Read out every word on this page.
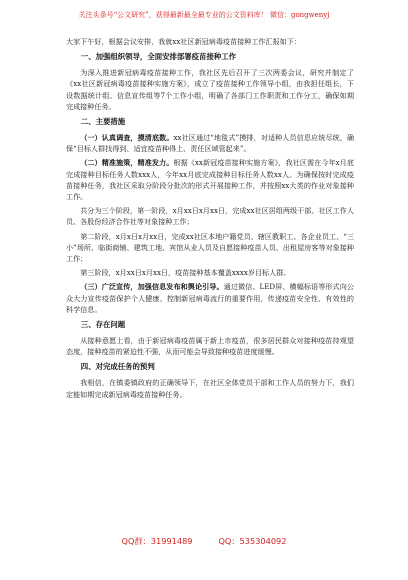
关注头条号“公文研究”，获得最新最全最专业的公文资料库！ 微信：gongwenyj

大家下午好，根据会议安排，我就xx社区新冠病毒疫苗接种工作汇报如下：

一、加强组织领导，全面安排部署疫苗接种工作

为深入推进新冠病毒疫苗接种工作，我社区先后召开了三次两委会议，研究并制定了《xx社区新冠病毒疫苗接种实施方案》，成立了疫苗接种工作领导小组，由我担任组长，下设数据统计组、信息宣传组等7个工作小组，明确了各部门工作职责和工作分工，确保如期完成接种任务。

二、主要措施

（一）认真调查，摸清底数。xx社区通过“地毯式”摸排，对适种人员信息应统尽统，确保“目标人群找得到、适宜疫苗种得上、责任区域管起来”。

（二）精准施策，精准发力。根据《xx新冠疫苗接种实施方案》，我社区需在今年x月底完成接种目标任务人数xxx人，今年xx月底完成接种目标任务人数xx人。为确保按时完成疫苗接种任务，我社区采取分阶段分批次的形式开展接种工作，并按照xx大类的作业对象接种工作。

共分为三个阶段，第一阶段，x月xx日x月xx日，完成xx社区居组两级干部、社区工作人员、各股份经济合作社等对象接种工作；

第二阶段，x月x日x月xx日，完成xx社区本地户籍党员、辖区教职工、各企业员工、“三小”场所、临街商铺、建筑工地、宾馆从业人员及自愿接种疫苗人员、出租屋房客等对象接种工作；

第三阶段，x月xx日x月xx日，疫苗接种基本覆盖xxxx岁目标人群。

（三）广泛宣传，加强信息发布和舆论引导。通过微信、LED屏、横幅标语等形式向公众大力宣传疫苗保护个人健康、控制新冠病毒流行的重要作用，传递疫苗安全性、有效性的科学信息。

三、存在问题

从接种意愿上看，由于新冠病毒疫苗属于新上市疫苗，很多居民群众对接种疫苗持观望态度，接种疫苗的紧迫性不强，从而可能会导致接种疫苗进度缓慢。

四、对完成任务的预判

我相信，在镇委镇政府的正确领导下，在社区全体党员干部和工作人员的努力下，我们定能如期完成新冠病毒疫苗接种任务。

QQ群：31991489	QQ：535304092
